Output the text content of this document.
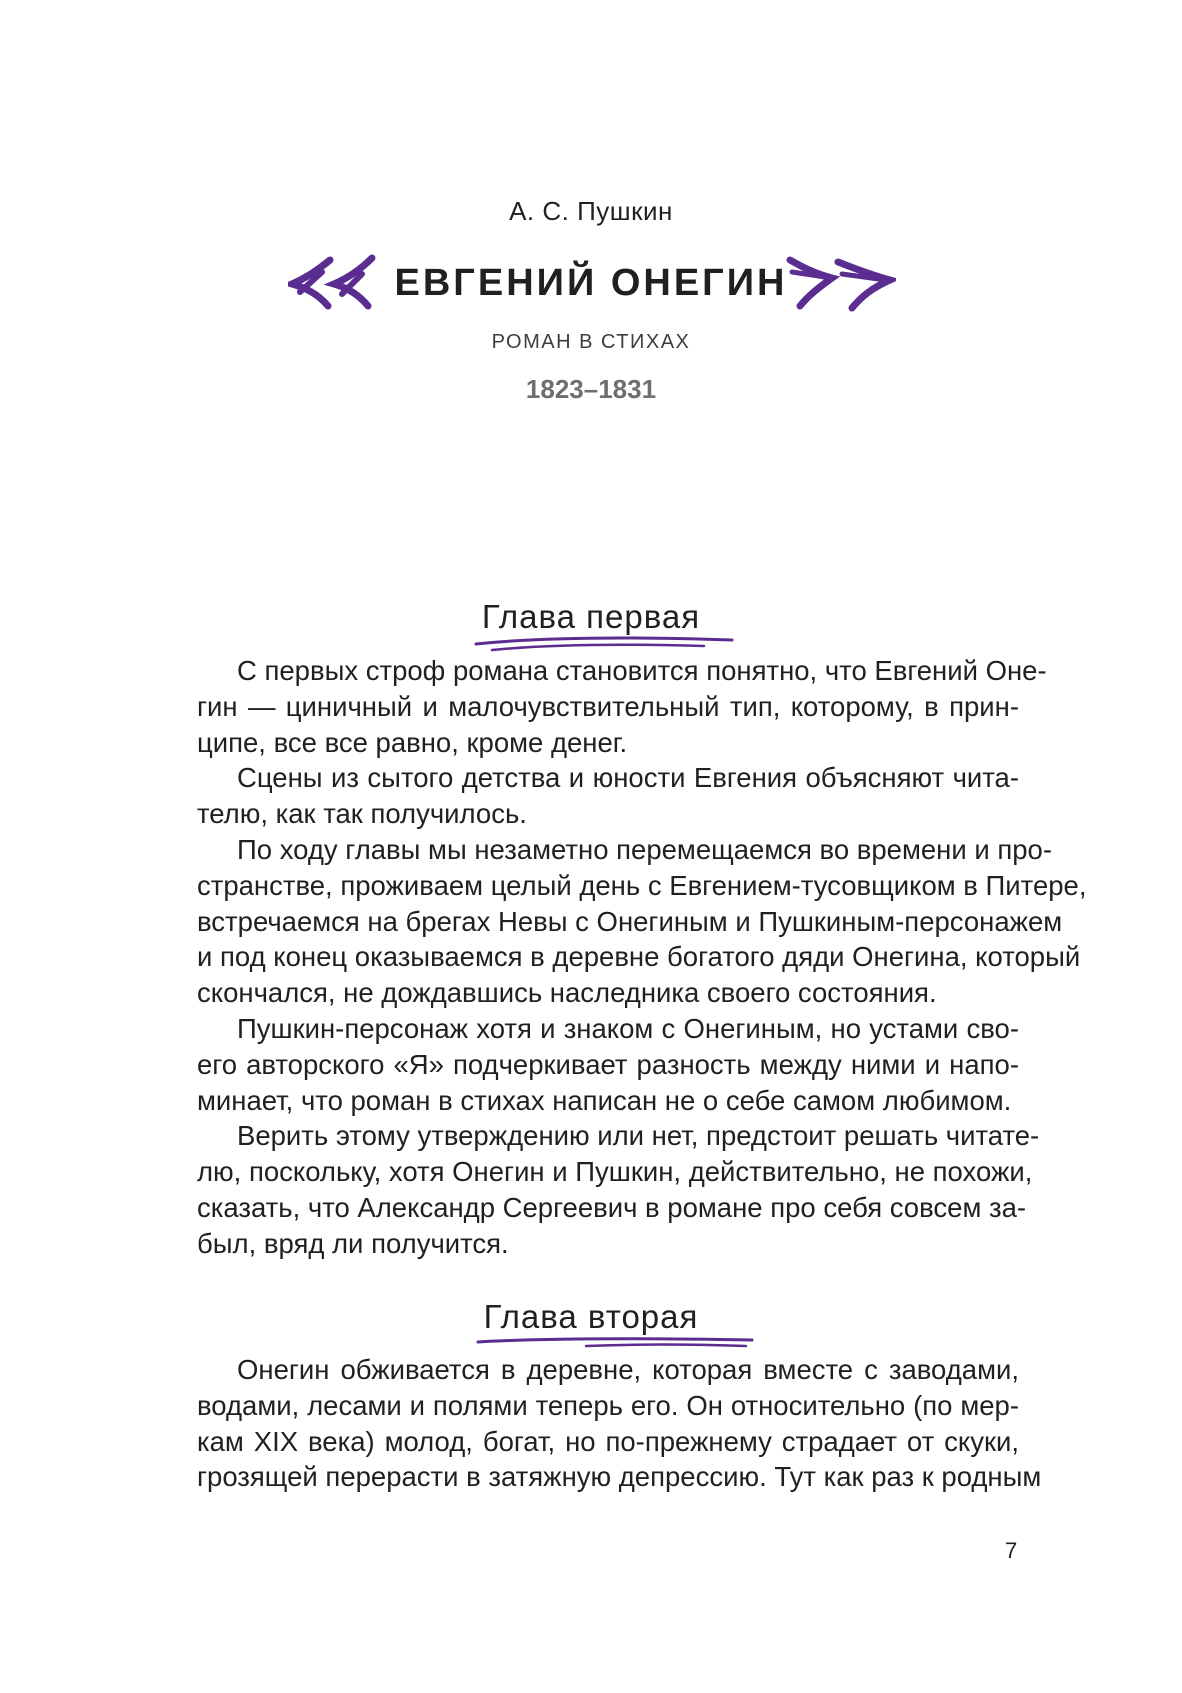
А. С. Пушкин
ЕВГЕНИЙ ОНЕГИН
РОМАН В СТИХАХ
1823–1831
Глава первая
С первых строф романа становится понятно, что Евгений Оне-
гин — циничный и малочувствительный тип, которому, в прин-
ципе, все все равно, кроме денег.
Сцены из сытого детства и юности Евгения объясняют чита-
телю, как так получилось.
По ходу главы мы незаметно перемещаемся во времени и про-
странстве, проживаем целый день с Евгением-тусовщиком в Питере,
встречаемся на брегах Невы с Онегиным и Пушкиным-персонажем
и под конец оказываемся в деревне богатого дяди Онегина, который
скончался, не дождавшись наследника своего состояния.
Пушкин-персонаж хотя и знаком с Онегиным, но устами сво-
его авторского «Я» подчеркивает разность между ними и напо-
минает, что роман в стихах написан не о себе самом любимом.
Верить этому утверждению или нет, предстоит решать читате-
лю, поскольку, хотя Онегин и Пушкин, действительно, не похожи,
сказать, что Александр Сергеевич в романе про себя совсем за-
был, вряд ли получится.
Глава вторая
Онегин обживается в деревне, которая вместе с заводами,
водами, лесами и полями теперь его. Он относительно (по мер-
кам XIX века) молод, богат, но по-прежнему страдает от скуки,
грозящей перерасти в затяжную депрессию. Тут как раз к родным
7
